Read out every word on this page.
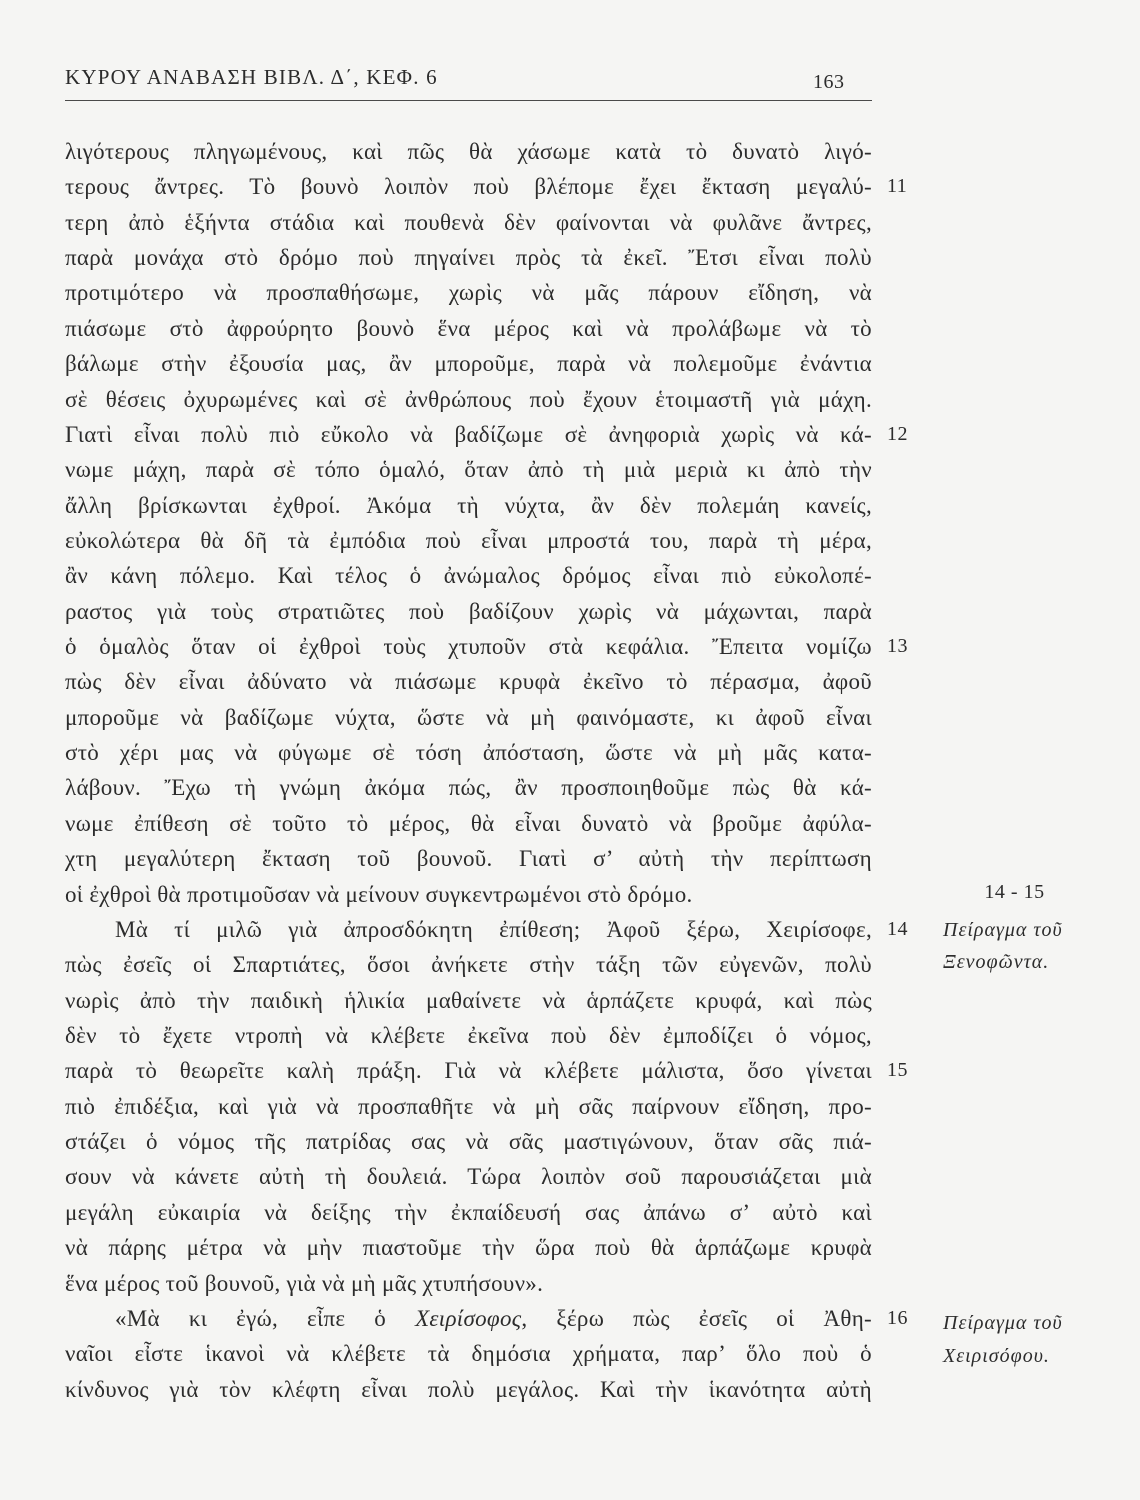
ΚΥΡΟΥ ΑΝΑΒΑΣΗ ΒΙΒΛ. Δ΄, ΚΕΦ. 6	163
λιγότερους πληγωμένους, καὶ πῶς θὰ χάσωμε κατὰ τὸ δυνατὸ λιγό-
τερους ἄντρες. Τὸ βουνὸ λοιπὸν ποὺ βλέπομε ἔχει ἔκταση μεγαλύ- 11
τερη ἀπὸ ἑξήντα στάδια καὶ πουθενὰ δὲν φαίνονται νὰ φυλᾶνε ἄντρες,
παρὰ μονάχα στὸ δρόμο ποὺ πηγαίνει πρὸς τὰ ἐκεῖ. Ἔτσι εἶναι πολὺ
προτιμότερο νὰ προσπαθήσωμε, χωρὶς νὰ μᾶς πάρουν εἴδηση, νὰ
πιάσωμε στὸ ἀφρούρητο βουνὸ ἕνα μέρος καὶ νὰ προλάβωμε νὰ τὸ
βάλωμε στὴν ἐξουσία μας, ἂν μποροῦμε, παρὰ νὰ πολεμοῦμε ἐνάντια
σὲ θέσεις ὀχυρωμένες καὶ σὲ ἀνθρώπους ποὺ ἔχουν ἑτοιμαστῆ γιὰ μάχη.
Γιατὶ εἶναι πολὺ πιὸ εὔκολο νὰ βαδίζωμε σὲ ἀνηφοριὰ χωρὶς νὰ κά- 12
νωμε μάχη, παρὰ σὲ τόπο ὁμαλό, ὅταν ἀπὸ τὴ μιὰ μεριὰ κι ἀπὸ τὴν
ἄλλη βρίσκωνται ἐχθροί. Ἀκόμα τὴ νύχτα, ἂν δὲν πολεμάη κανείς,
εὐκολώτερα θὰ δῆ τὰ ἐμπόδια ποὺ εἶναι μπροστά του, παρὰ τὴ μέρα,
ἂν κάνη πόλεμο. Καὶ τέλος ὁ ἀνώμαλος δρόμος εἶναι πιὸ εὐκολοπέ-
ραστος γιὰ τοὺς στρατιῶτες ποὺ βαδίζουν χωρὶς νὰ μάχωνται, παρὰ
ὁ ὁμαλὸς ὅταν οἱ ἐχθροὶ τοὺς χτυποῦν στὰ κεφάλια. Ἔπειτα νομίζω 13
πὼς δὲν εἶναι ἀδύνατο νὰ πιάσωμε κρυφὰ ἐκεῖνο τὸ πέρασμα, ἀφοῦ
μποροῦμε νὰ βαδίζωμε νύχτα, ὥστε νὰ μὴ φαινόμαστε, κι ἀφοῦ εἶναι
στὸ χέρι μας νὰ φύγωμε σὲ τόση ἀπόσταση, ὥστε νὰ μὴ μᾶς κατα-
λάβουν. Ἔχω τὴ γνώμη ἀκόμα πώς, ἂν προσποιηθοῦμε πὼς θὰ κά-
νωμε ἐπίθεση σὲ τοῦτο τὸ μέρος, θὰ εἶναι δυνατὸ νὰ βροῦμε ἀφύλα-
χτη μεγαλύτερη ἔκταση τοῦ βουνοῦ. Γιατὶ σ’ αὐτὴ τὴν περίπτωση
οἱ ἐχθροὶ θὰ προτιμοῦσαν νὰ μείνουν συγκεντρωμένοι στὸ δρόμο.
Μὰ τί μιλῶ γιὰ ἀπροσδόκητη ἐπίθεση; Ἀφοῦ ξέρω, Χειρίσοφε, 14
πὼς ἐσεῖς οἱ Σπαρτιάτες, ὅσοι ἀνήκετε στὴν τάξη τῶν εὐγενῶν, πολὺ
νωρὶς ἀπὸ τὴν παιδικὴ ἡλικία μαθαίνετε νὰ ἁρπάζετε κρυφά, καὶ πὼς
δὲν τὸ ἔχετε ντροπὴ νὰ κλέβετε ἐκεῖνα ποὺ δὲν ἐμποδίζει ὁ νόμος,
παρὰ τὸ θεωρεῖτε καλὴ πράξη. Γιὰ νὰ κλέβετε μάλιστα, ὅσο γίνεται 15
πιὸ ἐπιδέξια, καὶ γιὰ νὰ προσπαθῆτε νὰ μὴ σᾶς παίρνουν εἴδηση, προ-
στάζει ὁ νόμος τῆς πατρίδας σας νὰ σᾶς μαστιγώνουν, ὅταν σᾶς πιά-
σουν νὰ κάνετε αὐτὴ τὴ δουλειά. Τώρα λοιπὸν σοῦ παρουσιάζεται μιὰ
μεγάλη εὐκαιρία νὰ δείξης τὴν ἐκπαίδευσή σας ἀπάνω σ’ αὐτὸ καὶ
νὰ πάρης μέτρα νὰ μὴν πιαστοῦμε τὴν ὥρα ποὺ θὰ ἁρπάζωμε κρυφὰ
ἕνα μέρος τοῦ βουνοῦ, γιὰ νὰ μὴ μᾶς χτυπήσουν».
«Μὰ κι ἐγώ, εἶπε ὁ Χειρίσοφος, ξέρω πὼς ἐσεῖς οἱ Ἀθη- 16
ναῖοι εἶστε ἱκανοὶ νὰ κλέβετε τὰ δημόσια χρήματα, παρ’ ὅλο ποὺ ὁ
κίνδυνος γιὰ τὸν κλέφτη εἶναι πολὺ μεγάλος. Καὶ τὴν ἱκανότητα αὐτὴ
14 - 15
Πείραγμα τοῦ
Ξενοφῶντα.
Πείραγμα τοῦ
Χειρισόφου.
